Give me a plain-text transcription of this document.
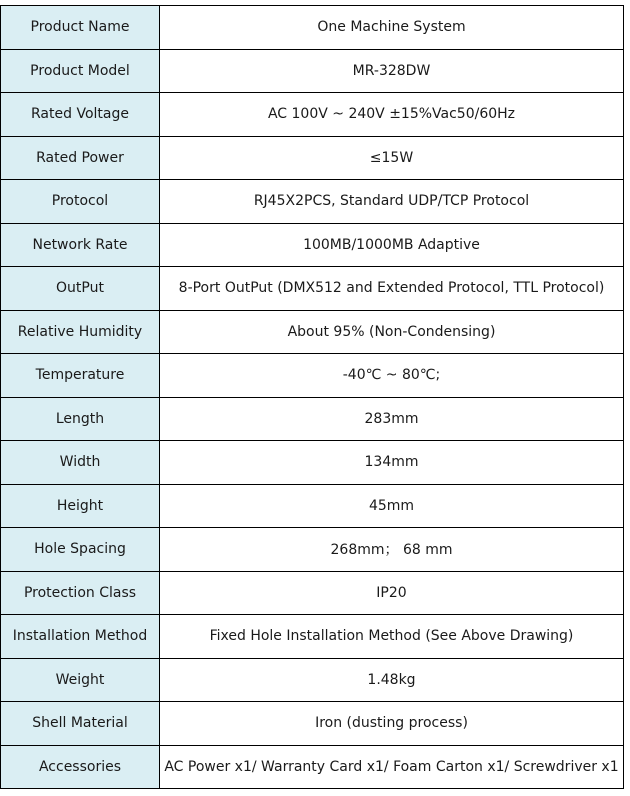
Product Name	One Machine System
Product Model	MR-328DW
Rated Voltage	AC 100V ~ 240V ±15%Vac50/60Hz
Rated Power	≤15W
Protocol	RJ45X2PCS, Standard UDP/TCP Protocol
Network Rate	100MB/1000MB Adaptive
OutPut	8-Port OutPut (DMX512 and Extended Protocol, TTL Protocol)
Relative Humidity	About 95% (Non-Condensing)
Temperature	-40℃ ~ 80℃;
Length	283mm
Width	134mm
Height	45mm
Hole Spacing	268mm； 68 mm
Protection Class	IP20
Installation Method	Fixed Hole Installation Method (See Above Drawing)
Weight	1.48kg
Shell Material	Iron (dusting process)
Accessories	AC Power x1/ Warranty Card x1/ Foam Carton x1/ Screwdriver x1
